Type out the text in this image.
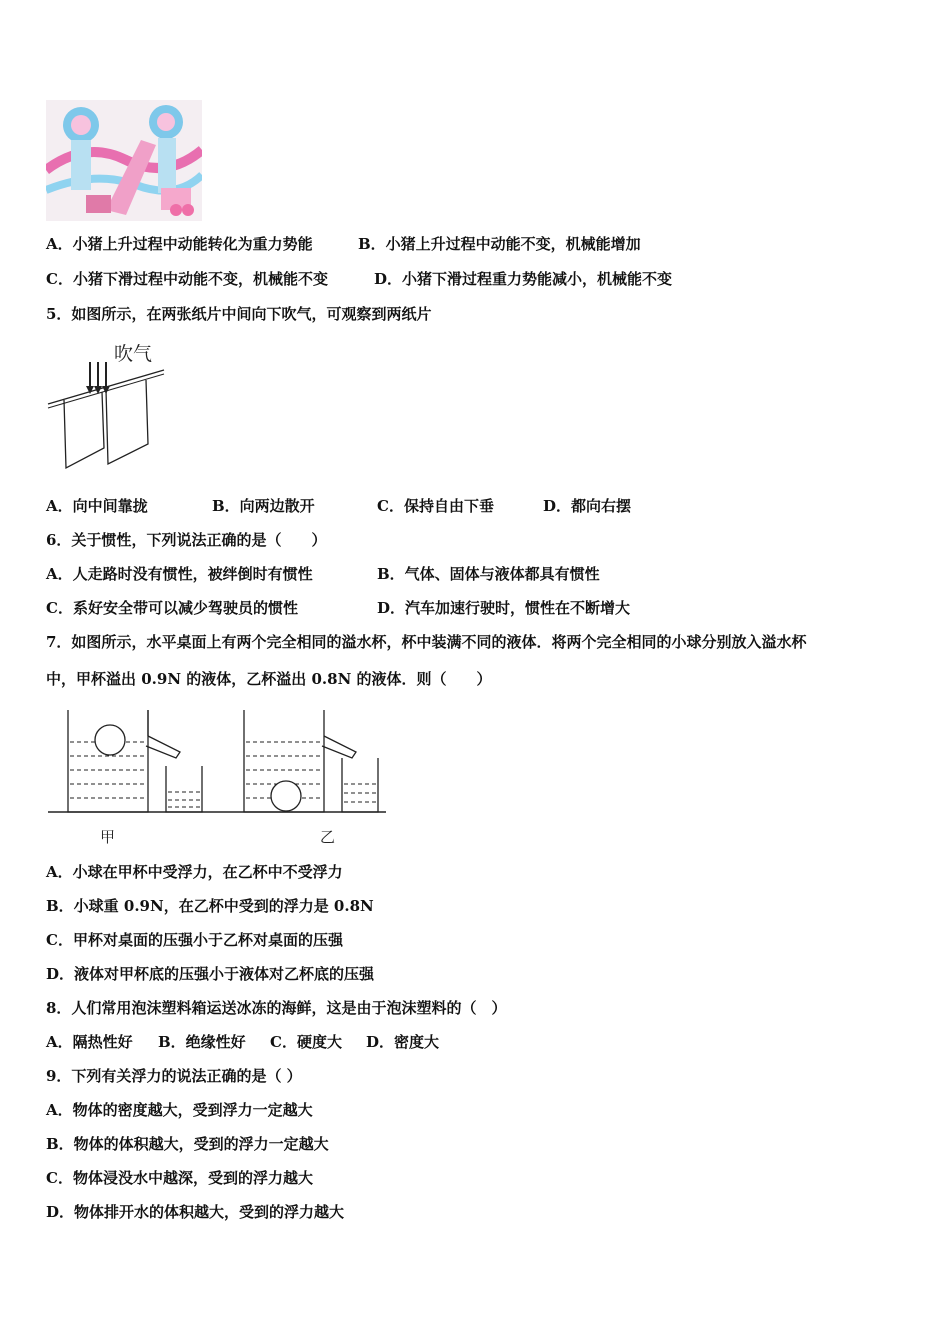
A．小猪上升过程中动能转化为重力势能	B．小猪上升过程中动能不变，机械能增加
C．小猪下滑过程中动能不变，机械能不变	D．小猪下滑过程重力势能减小，机械能不变
5．如图所示，在两张纸片中间向下吹气，可观察到两纸片
吹气
A．向中间靠拢	B．向两边散开	C．保持自由下垂	D．都向右摆
6．关于惯性，下列说法正确的是（　　）
A．人走路时没有惯性，被绊倒时有惯性	B．气体、固体与液体都具有惯性
C．系好安全带可以减少驾驶员的惯性	D．汽车加速行驶时，惯性在不断增大
7．如图所示，水平桌面上有两个完全相同的溢水杯，杯中装满不同的液体．将两个完全相同的小球分别放入溢水杯
中，甲杯溢出 0.9N 的液体，乙杯溢出 0.8N 的液体．则（　　）
甲	乙
A．小球在甲杯中受浮力，在乙杯中不受浮力
B．小球重 0.9N，在乙杯中受到的浮力是 0.8N
C．甲杯对桌面的压强小于乙杯对桌面的压强
D．液体对甲杯底的压强小于液体对乙杯底的压强
8．人们常用泡沫塑料箱运送冰冻的海鲜，这是由于泡沫塑料的（　）
A．隔热性好 B．绝缘性好 C．硬度大 D．密度大
9．下列有关浮力的说法正确的是（ ）
A．物体的密度越大，受到浮力一定越大
B．物体的体积越大，受到的浮力一定越大
C．物体浸没水中越深，受到的浮力越大
D．物体排开水的体积越大，受到的浮力越大
